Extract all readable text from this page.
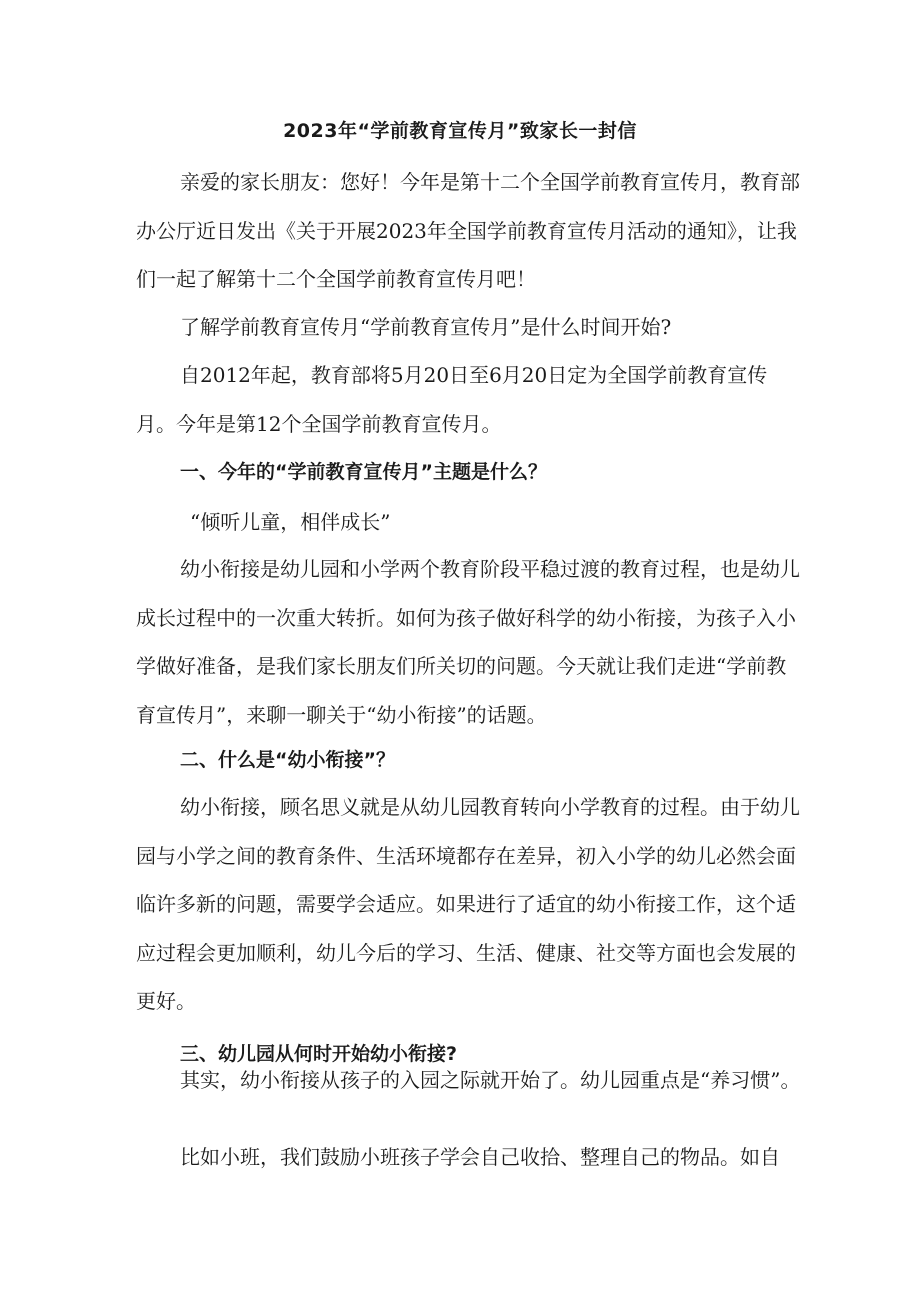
2023年“学前教育宣传月”致家长一封信

亲爱的家长朋友：您好！今年是第十二个全国学前教育宣传月，教育部办公厅近日发出《关于开展2023年全国学前教育宣传月活动的通知》，让我们一起了解第十二个全国学前教育宣传月吧！

了解学前教育宣传月“学前教育宣传月”是什么时间开始?

自2012年起，教育部将5月20日至6月20日定为全国学前教育宣传月。今年是第12个全国学前教育宣传月。

一、今年的“学前教育宣传月”主题是什么？

“倾听儿童，相伴成长”

幼小衔接是幼儿园和小学两个教育阶段平稳过渡的教育过程，也是幼儿成长过程中的一次重大转折。如何为孩子做好科学的幼小衔接，为孩子入小学做好准备，是我们家长朋友们所关切的问题。今天就让我们走进“学前教育宣传月”，来聊一聊关于“幼小衔接”的话题。

二、什么是“幼小衔接”？

幼小衔接，顾名思义就是从幼儿园教育转向小学教育的过程。由于幼儿园与小学之间的教育条件、生活环境都存在差异，初入小学的幼儿必然会面临许多新的问题，需要学会适应。如果进行了适宜的幼小衔接工作，这个适应过程会更加顺利，幼儿今后的学习、生活、健康、社交等方面也会发展的更好。

三、幼儿园从何时开始幼小衔接?

其实，幼小衔接从孩子的入园之际就开始了。幼儿园重点是“养习惯”。

比如小班，我们鼓励小班孩子学会自己收拾、整理自己的物品。如自
